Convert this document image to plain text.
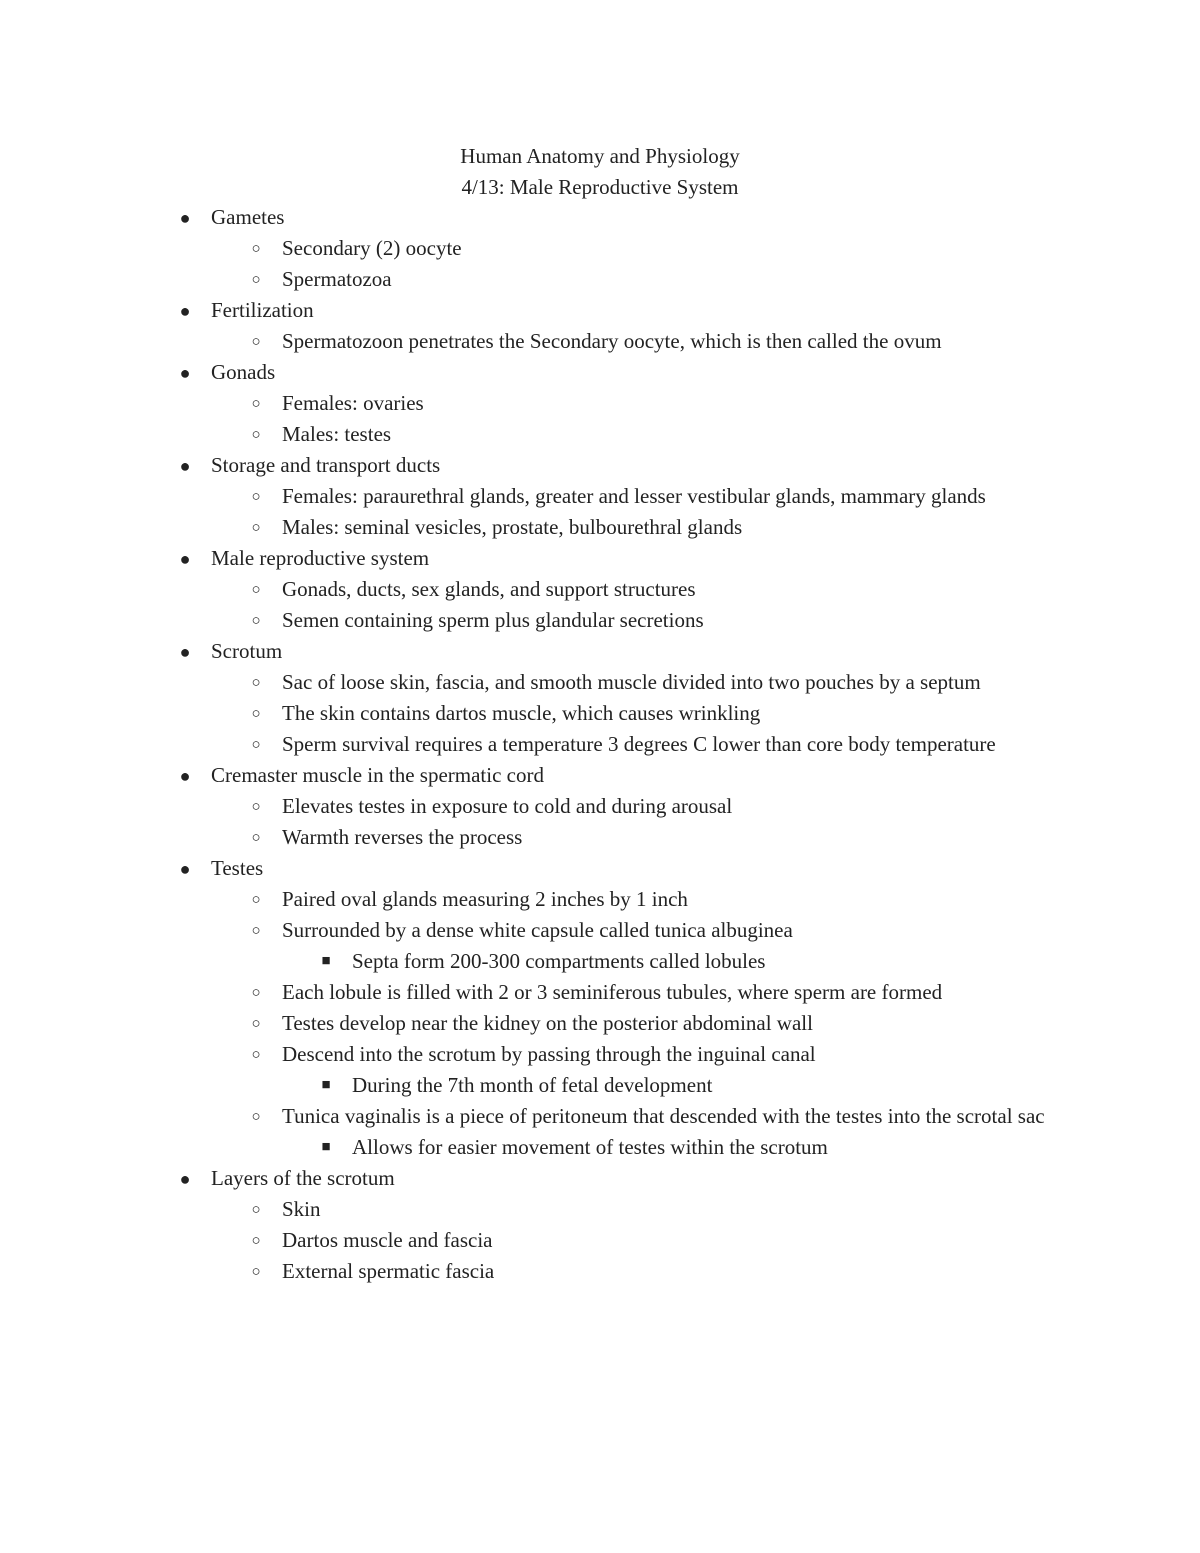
Human Anatomy and Physiology
4/13: Male Reproductive System
● Gametes
○ Secondary (2) oocyte
○ Spermatozoa
● Fertilization
○ Spermatozoon penetrates the Secondary oocyte, which is then called the ovum
● Gonads
○ Females: ovaries
○ Males: testes
● Storage and transport ducts
○ Females: paraurethral glands, greater and lesser vestibular glands, mammary glands
○ Males: seminal vesicles, prostate, bulbourethral glands
● Male reproductive system
○ Gonads, ducts, sex glands, and support structures
○ Semen containing sperm plus glandular secretions
● Scrotum
○ Sac of loose skin, fascia, and smooth muscle divided into two pouches by a septum
○ The skin contains dartos muscle, which causes wrinkling
○ Sperm survival requires a temperature 3 degrees C lower than core body temperature
● Cremaster muscle in the spermatic cord
○ Elevates testes in exposure to cold and during arousal
○ Warmth reverses the process
● Testes
○ Paired oval glands measuring 2 inches by 1 inch
○ Surrounded by a dense white capsule called tunica albuginea
■ Septa form 200-300 compartments called lobules
○ Each lobule is filled with 2 or 3 seminiferous tubules, where sperm are formed
○ Testes develop near the kidney on the posterior abdominal wall
○ Descend into the scrotum by passing through the inguinal canal
■ During the 7th month of fetal development
○ Tunica vaginalis is a piece of peritoneum that descended with the testes into the scrotal sac
■ Allows for easier movement of testes within the scrotum
● Layers of the scrotum
○ Skin
○ Dartos muscle and fascia
○ External spermatic fascia
